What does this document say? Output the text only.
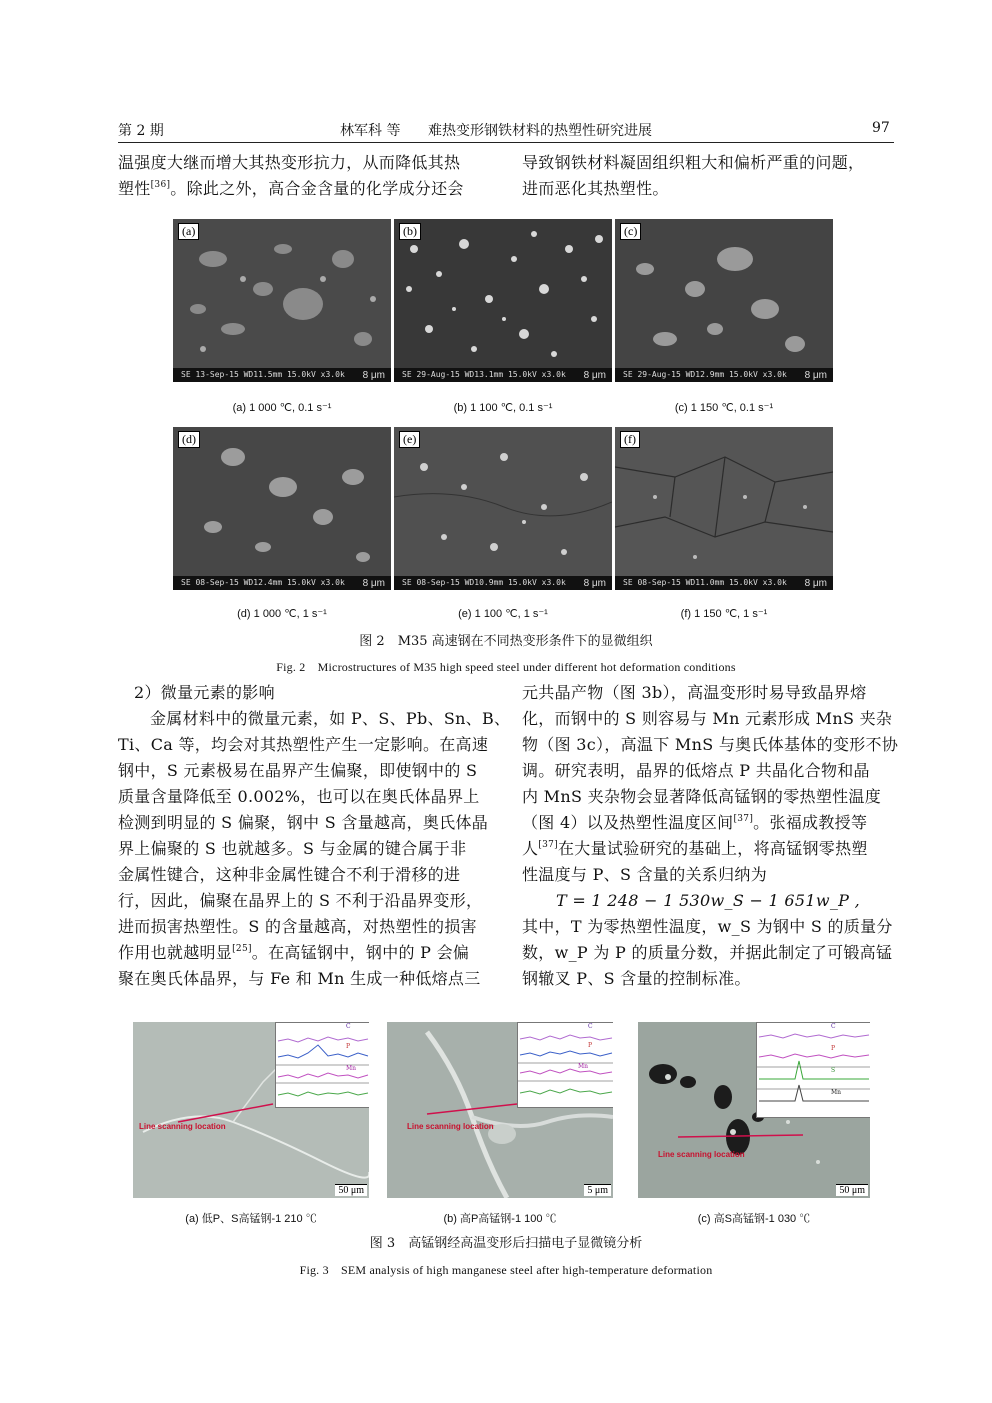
第 2 期	林军科 等 难热变形钢铁材料的热塑性研究进展	97

温强度大继而增大其热变形抗力，从而降低其热

塑性[36]。除此之外，高合金含量的化学成分还会

导致钢铁材料凝固组织粗大和偏析严重的问题，

进而恶化其热塑性。

(a)
SE 13-Sep-15 WD11.5mm 15.0kV x3.0k	8 μm
(b)
SE 29-Aug-15 WD13.1mm 15.0kV x3.0k	8 μm
(c)
SE 29-Aug-15 WD12.9mm 15.0kV x3.0k	8 μm
(a) 1 000 ℃, 0.1 s⁻¹	(b) 1 100 ℃, 0.1 s⁻¹	(c) 1 150 ℃, 0.1 s⁻¹
(d)
SE 08-Sep-15 WD12.4mm 15.0kV x3.0k	8 μm
(e)
SE 08-Sep-15 WD10.9mm 15.0kV x3.0k	8 μm
(f)
SE 08-Sep-15 WD11.0mm 15.0kV x3.0k	8 μm
(d) 1 000 ℃, 1 s⁻¹	(e) 1 100 ℃, 1 s⁻¹	(f) 1 150 ℃, 1 s⁻¹
图 2　M35 高速钢在不同热变形条件下的显微组织
Fig. 2　Microstructures of M35 high speed steel under different hot deformation conditions

2）微量元素的影响

金属材料中的微量元素，如 P、S、Pb、Sn、B、

Ti、Ca 等，均会对其热塑性产生一定影响。在高速

钢中，S 元素极易在晶界产生偏聚，即使钢中的 S

质量含量降低至 0.002%，也可以在奥氏体晶界上

检测到明显的 S 偏聚，钢中 S 含量越高，奥氏体晶

界上偏聚的 S 也就越多。S 与金属的键合属于非

金属性键合，这种非金属性键合不利于滑移的进

行，因此，偏聚在晶界上的 S 不利于沿晶界变形，

进而损害热塑性。S 的含量越高，对热塑性的损害

作用也就越明显[25]。在高锰钢中，钢中的 P 会偏

聚在奥氏体晶界，与 Fe 和 Mn 生成一种低熔点三

元共晶产物（图 3b），高温变形时易导致晶界熔

化，而钢中的 S 则容易与 Mn 元素形成 MnS 夹杂

物（图 3c），高温下 MnS 与奥氏体基体的变形不协

调。研究表明，晶界的低熔点 P 共晶化合物和晶

内 MnS 夹杂物会显著降低高锰钢的零热塑性温度

（图 4）以及热塑性温度区间[37]。张福成教授等

人[37]在大量试验研究的基础上，将高锰钢零热塑

性温度与 P、S 含量的关系归纳为

T = 1 248 − 1 530w_S − 1 651w_P ,

其中，T 为零热塑性温度，w_S 为钢中 S 的质量分

数，w_P 为 P 的质量分数，并据此制定了可锻高锰

钢辙叉 P、S 含量的控制标准。

C
P
Mn
Line scanning location
50 μm
C
P
Mn
Line scanning location
5 μm
C
P
S
Mn
Line scanning location
50 μm
(a) 低P、S高锰钢-1 210 ℃	(b) 高P高锰钢-1 100 ℃	(c) 高S高锰钢-1 030 ℃
图 3　高锰钢经高温变形后扫描电子显微镜分析
Fig. 3　SEM analysis of high manganese steel after high-temperature deformation
